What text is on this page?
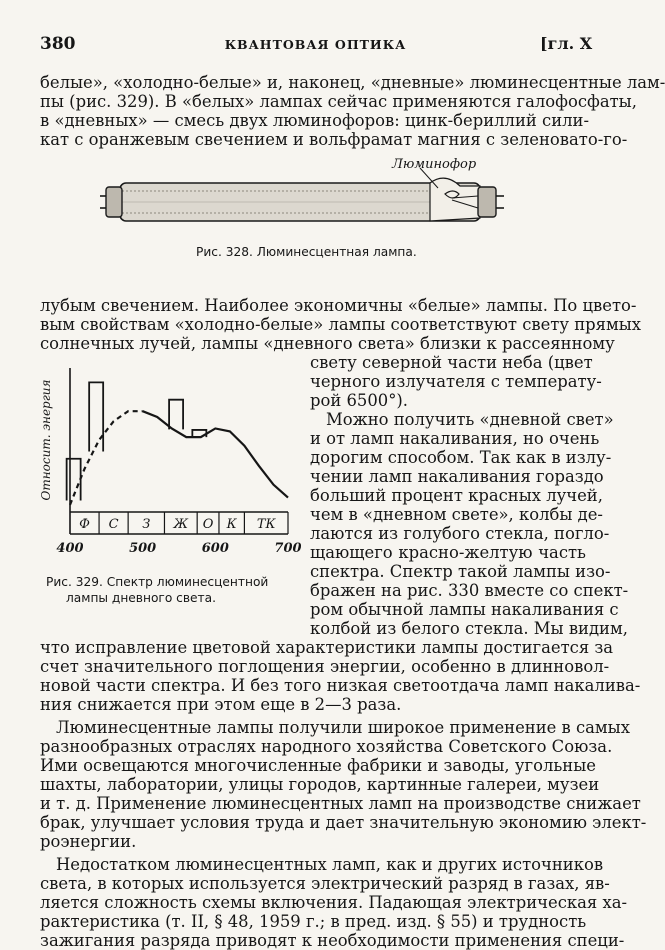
380	КВАНТОВАЯ ОПТИКА	[гл. X
белые», «холодно-белые» и, наконец, «дневные» люминесцентные лам-
пы (рис. 329). В «белых» лампах сейчас применяются галофосфаты,
в «дневных» — смесь двух люминофоров: цинк-бериллий сили-
кат с оранжевым свечением и вольфрамат магния с зеленовато-го-
Люминофор
Рис. 328. Люминесцентная лампа.
лубым свечением. Наиболее экономичны «белые» лампы. По цвето-
вым свойствам «холодно-белые» лампы соответствуют свету прямых
солнечных лучей, лампы «дневного света» близки к рассеянному
свету северной части неба (цвет
черного излучателя с температу-
рой 6500°).
Можно получить «дневной свет»
и от ламп накаливания, но очень
дорогим способом. Так как в излу-
чении ламп накаливания гораздо
больший процент красных лучей,
чем в «дневном свете», колбы де-
лаются из голубого стекла, погло-
щающего красно-желтую часть
спектра. Спектр такой лампы изо-
бражен на рис. 330 вместе со спект-
ром обычной лампы накаливания с
колбой из белого стекла. Мы видим,
Ф С З Ж О К ТК
Относит. энергия
400	500	600	700
Рис. 329. Спектр люминесцентной
лампы дневного света.
что исправление цветовой характеристики лампы достигается за
счет значительного поглощения энергии, особенно в длинновол-
новой части спектра. И без того низкая светоотдача ламп накалива-
ния снижается при этом еще в 2—3 раза.
Люминесцентные лампы получили широкое применение в самых
разнообразных отраслях народного хозяйства Советского Союза.
Ими освещаются многочисленные фабрики и заводы, угольные
шахты, лаборатории, улицы городов, картинные галереи, музеи
и т. д. Применение люминесцентных ламп на производстве снижает
брак, улучшает условия труда и дает значительную экономию элект-
роэнергии.
Недостатком люминесцентных ламп, как и других источников
света, в которых используется электрический разряд в газах, яв-
ляется сложность схемы включения. Падающая электрическая ха-
рактеристика (т. II, § 48, 1959 г.; в пред. изд. § 55) и трудность
зажигания разряда приводят к необходимости применения специ-
